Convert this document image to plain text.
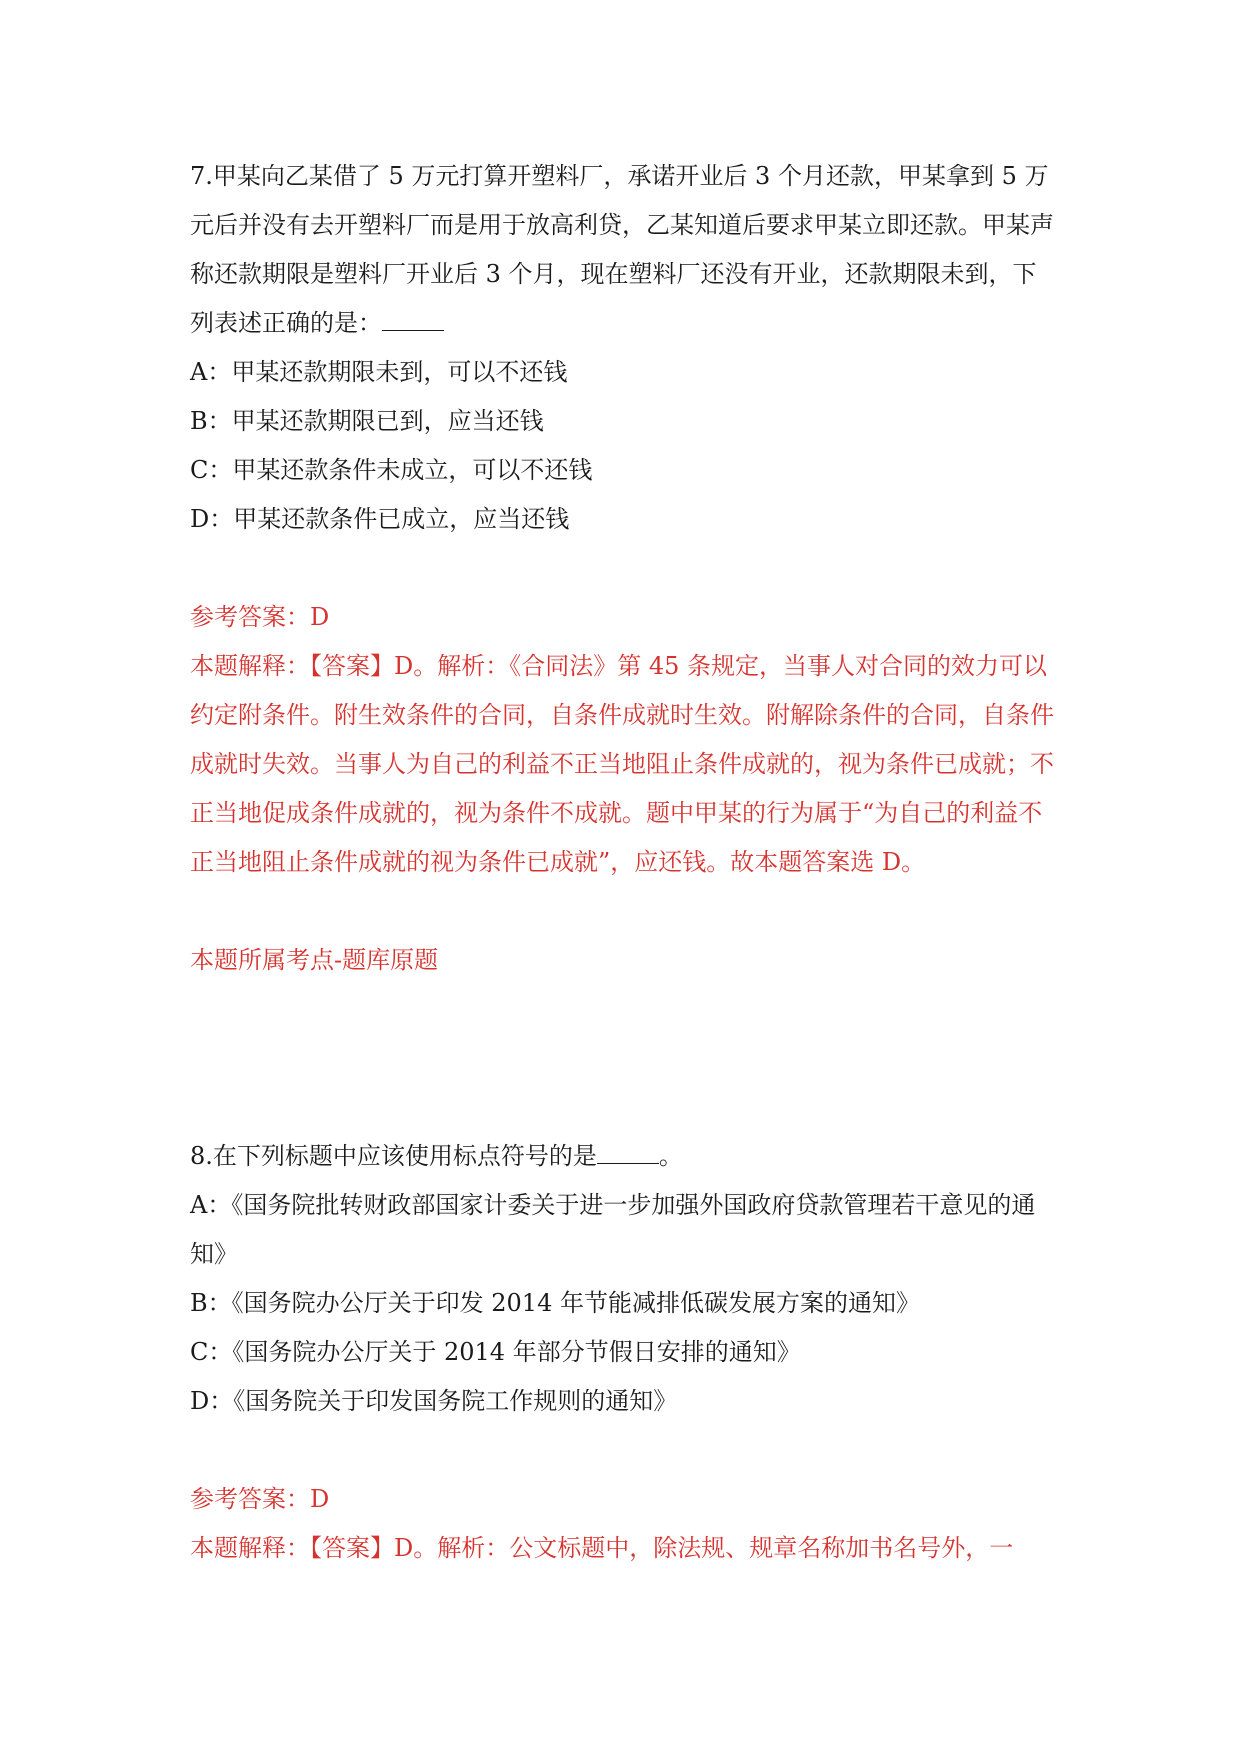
7.甲某向乙某借了 5 万元打算开塑料厂，承诺开业后 3 个月还款，甲某拿到 5 万元后并没有去开塑料厂而是用于放高利贷，乙某知道后要求甲某立即还款。甲某声称还款期限是塑料厂开业后 3 个月，现在塑料厂还没有开业，还款期限未到，下列表述正确的是：

A：甲某还款期限未到，可以不还钱

B：甲某还款期限已到，应当还钱

C：甲某还款条件未成立，可以不还钱

D：甲某还款条件已成立，应当还钱

参考答案：D

本题解释：【答案】D。解析：《合同法》第 45 条规定，当事人对合同的效力可以约定附条件。附生效条件的合同，自条件成就时生效。附解除条件的合同，自条件成就时失效。当事人为自己的利益不正当地阻止条件成就的，视为条件已成就；不正当地促成条件成就的，视为条件不成就。题中甲某的行为属于“为自己的利益不正当地阻止条件成就的视为条件已成就”，应还钱。故本题答案选 D。

本题所属考点-题库原题

8.在下列标题中应该使用标点符号的是	。

A：《国务院批转财政部国家计委关于进一步加强外国政府贷款管理若干意见的通知》

B：《国务院办公厅关于印发 2014 年节能减排低碳发展方案的通知》

C：《国务院办公厅关于 2014 年部分节假日安排的通知》

D：《国务院关于印发国务院工作规则的通知》

参考答案：D

本题解释：【答案】D。解析：公文标题中，除法规、规章名称加书名号外，一
